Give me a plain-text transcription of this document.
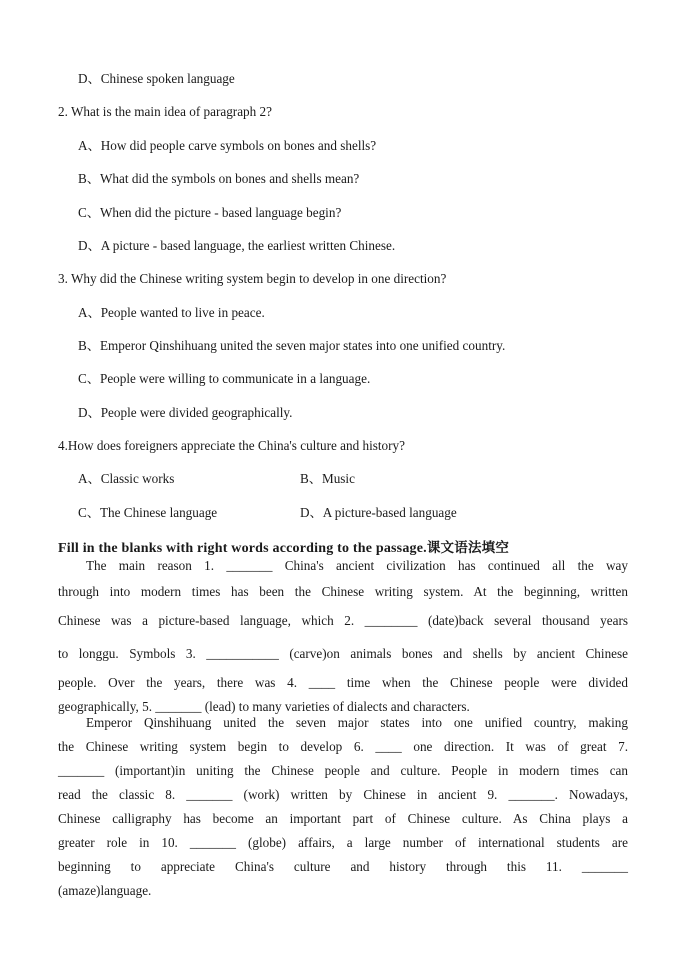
D、Chinese spoken language
2. What is the main idea of paragraph 2?
A、How did people carve symbols on bones and shells?
B、What did the symbols on bones and shells mean?
C、When did the picture - based language begin?
D、A picture - based language, the earliest written Chinese.
3. Why did the Chinese writing system begin to develop in one direction?
A、People wanted to live in peace.
B、Emperor Qinshihuang united the seven major states into one unified country.
C、People were willing to communicate in a language.
D、People were divided geographically.
4.How does foreigners appreciate the China's culture and history?
A、Classic works	B、Music
C、The Chinese language	D、A picture-based language
Fill in the blanks with right words according to the passage.课文语法填空
The main reason 1. _______ China's ancient civilization has continued all the way
through into modern times has been the Chinese writing system. At the beginning, written
Chinese was a picture-based language, which 2. ________ (date)back several thousand years
to longgu. Symbols 3. ___________ (carve)on animals bones and shells by ancient Chinese
people. Over the years, there was 4. ____ time when the Chinese people were divided
geographically, 5. _______ (lead) to many varieties of dialects and characters.
Emperor Qinshihuang united the seven major states into one unified country, making
the Chinese writing system begin to develop 6. ____ one direction. It was of great 7.
_______ (important)in uniting the Chinese people and culture. People in modern times can
read the classic 8. _______ (work) written by Chinese in ancient 9. _______. Nowadays,
Chinese calligraphy has become an important part of Chinese culture. As China plays a
greater role in 10. _______ (globe) affairs, a large number of international students are
beginning to appreciate China's culture and history through this 11. _______
(amaze)language.
